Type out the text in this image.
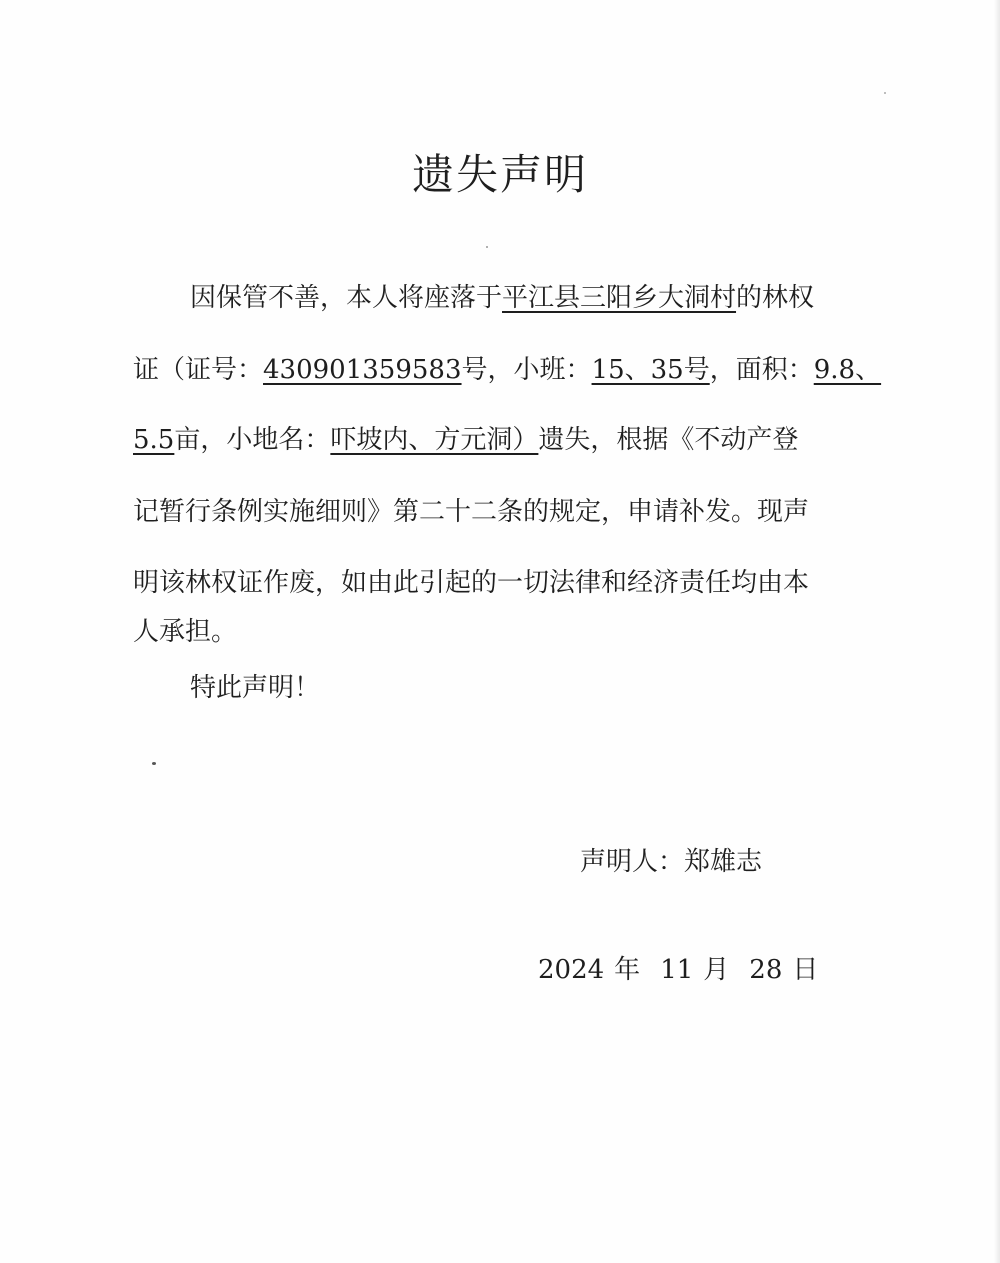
遗失声明
因保管不善，本人将座落于平江县三阳乡大洞村的林权
证（证号：430901359583号，小班：15、35号，面积：9.8、
5.5亩，小地名：吓坡内、方元洞）遗失，根据《不动产登
记暂行条例实施细则》第二十二条的规定，申请补发。现声
明该林权证作废，如由此引起的一切法律和经济责任均由本
人承担。
特此声明！
声明人：郑雄志
2024 年 11 月 28 日
